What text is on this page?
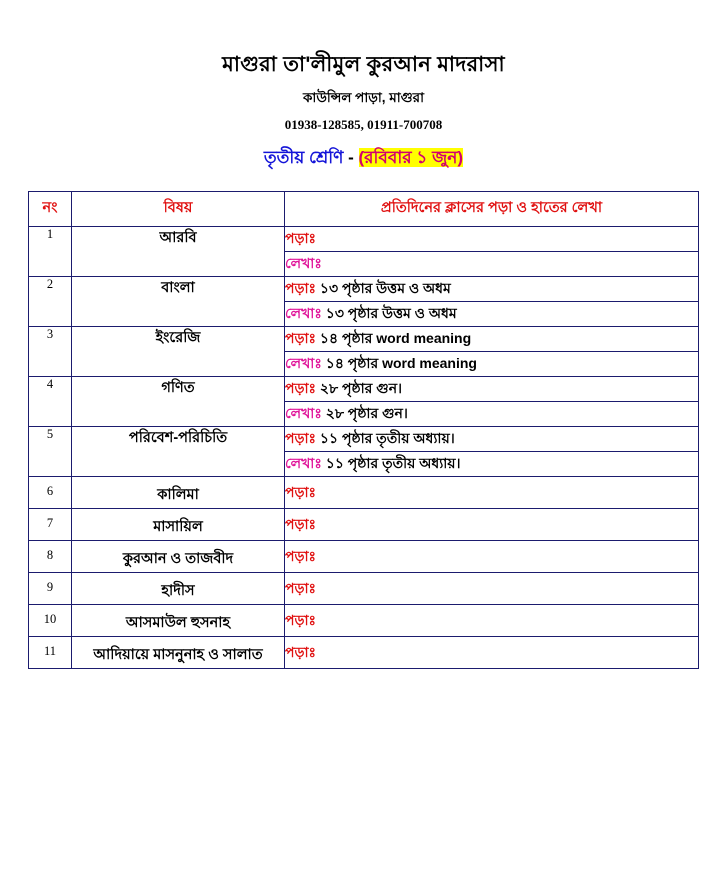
মাগুরা তা'লীমুল কুরআন মাদরাসা
কাউন্সিল পাড়া, মাগুরা
01938-128585, 01911-700708
তৃতীয় শ্রেণি - (রবিবার ১ জুন)
নং	বিষয়	প্রতিদিনের ক্লাসের পড়া ও হাতের লেখা
1	আরবি	পড়াঃ
		লেখাঃ
2	বাংলা	পড়াঃ ১৩ পৃষ্ঠার উত্তম ও অধম
		লেখাঃ ১৩ পৃষ্ঠার উত্তম ও অধম
3	ইংরেজি	পড়াঃ ১৪ পৃষ্ঠার word meaning
		লেখাঃ ১৪ পৃষ্ঠার word meaning
4	গণিত	পড়াঃ ২৮ পৃষ্ঠার গুন।
		লেখাঃ ২৮ পৃষ্ঠার গুন।
5	পরিবেশ-পরিচিতি	পড়াঃ ১১ পৃষ্ঠার তৃতীয় অধ্যায়।
		লেখাঃ ১১ পৃষ্ঠার তৃতীয় অধ্যায়।
6	কালিমা	পড়াঃ
7	মাসায়িল	পড়াঃ
8	কুরআন ও তাজবীদ	পড়াঃ
9	হাদীস	পড়াঃ
10	আসমাউল হুসনাহ	পড়াঃ
11	আদিয়ায়ে মাসনুনাহ ও সালাত	পড়াঃ
